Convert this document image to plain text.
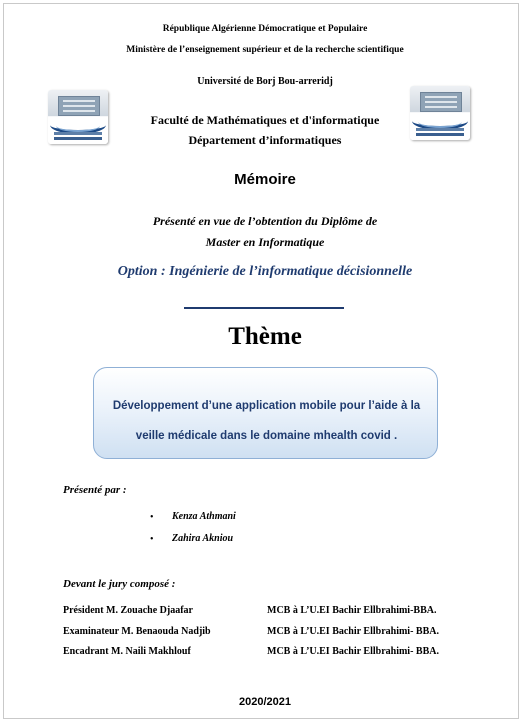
République Algérienne Démocratique et Populaire
Ministère de l’enseignement supérieur et de la recherche scientifique
Université de Borj Bou-arreridj
Faculté de Mathématiques et d'informatique
Département d’informatiques
Mémoire
Présenté en vue de l’obtention du Diplôme de
Master en Informatique
Option : Ingénierie de l’informatique décisionnelle
Thème
Développement d’une application mobile pour l’aide à la
veille médicale dans le domaine mhealth covid .
Présenté par :
• Kenza Athmani
• Zahira Akniou
Devant le jury composé :
Président M. Zouache Djaafar	MCB à L’U.EI Bachir Ellbrahimi-BBA.
Examinateur M. Benaouda Nadjib	MCB à L’U.EI Bachir Ellbrahimi- BBA.
Encadrant M. Naili Makhlouf	MCB à L’U.EI Bachir Ellbrahimi- BBA.
2020/2021
